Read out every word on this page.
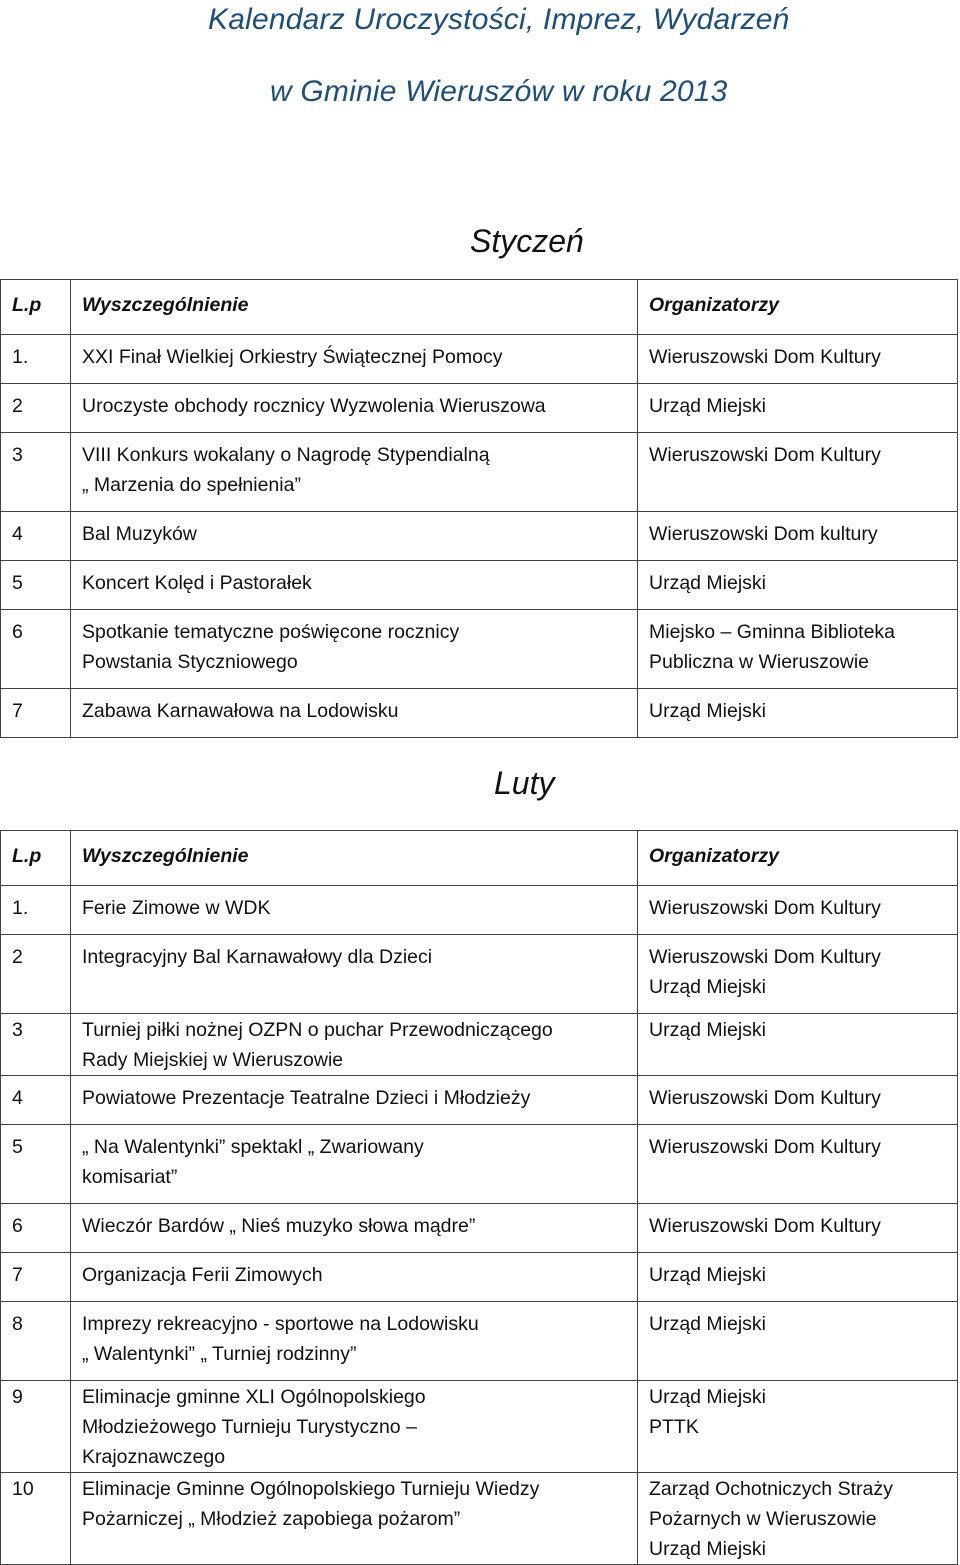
Kalendarz Uroczystości, Imprez, Wydarzeń
w Gminie Wieruszów w roku 2013
Styczeń
L.p	Wyszczególnienie	Organizatorzy
1.	XXI Finał Wielkiej Orkiestry Świątecznej Pomocy	Wieruszowski Dom Kultury
2	Uroczyste obchody rocznicy Wyzwolenia Wieruszowa	Urząd Miejski
3	VIII Konkurs wokalany o Nagrodę Stypendialną
„ Marzenia do spełnienia”	Wieruszowski Dom Kultury
4	Bal Muzyków	Wieruszowski Dom kultury
5	Koncert Kolęd i Pastorałek	Urząd Miejski
6	Spotkanie tematyczne poświęcone rocznicy
Powstania Styczniowego	Miejsko – Gminna Biblioteka
Publiczna w Wieruszowie
7	Zabawa Karnawałowa na Lodowisku	Urząd Miejski
Luty
L.p	Wyszczególnienie	Organizatorzy
1.	Ferie Zimowe w WDK	Wieruszowski Dom Kultury
2	Integracyjny Bal Karnawałowy dla Dzieci	Wieruszowski Dom Kultury
Urząd Miejski
3	Turniej piłki nożnej OZPN o puchar Przewodniczącego
Rady Miejskiej w Wieruszowie	Urząd Miejski
4	Powiatowe Prezentacje Teatralne Dzieci i Młodzieży	Wieruszowski Dom Kultury
5	„ Na Walentynki” spektakl „ Zwariowany
komisariat”	Wieruszowski Dom Kultury
6	Wieczór Bardów „ Nieś muzyko słowa mądre”	Wieruszowski Dom Kultury
7	Organizacja Ferii Zimowych	Urząd Miejski
8	Imprezy rekreacyjno - sportowe na Lodowisku
„ Walentynki” „ Turniej rodzinny”	Urząd Miejski
9	Eliminacje gminne XLI Ogólnopolskiego
Młodzieżowego Turnieju Turystyczno –
Krajoznawczego	Urząd Miejski
PTTK
10	Eliminacje Gminne Ogólnopolskiego Turnieju Wiedzy
Pożarniczej „ Młodzież zapobiega pożarom”	Zarząd Ochotniczych Straży
Pożarnych w Wieruszowie
Urząd Miejski
